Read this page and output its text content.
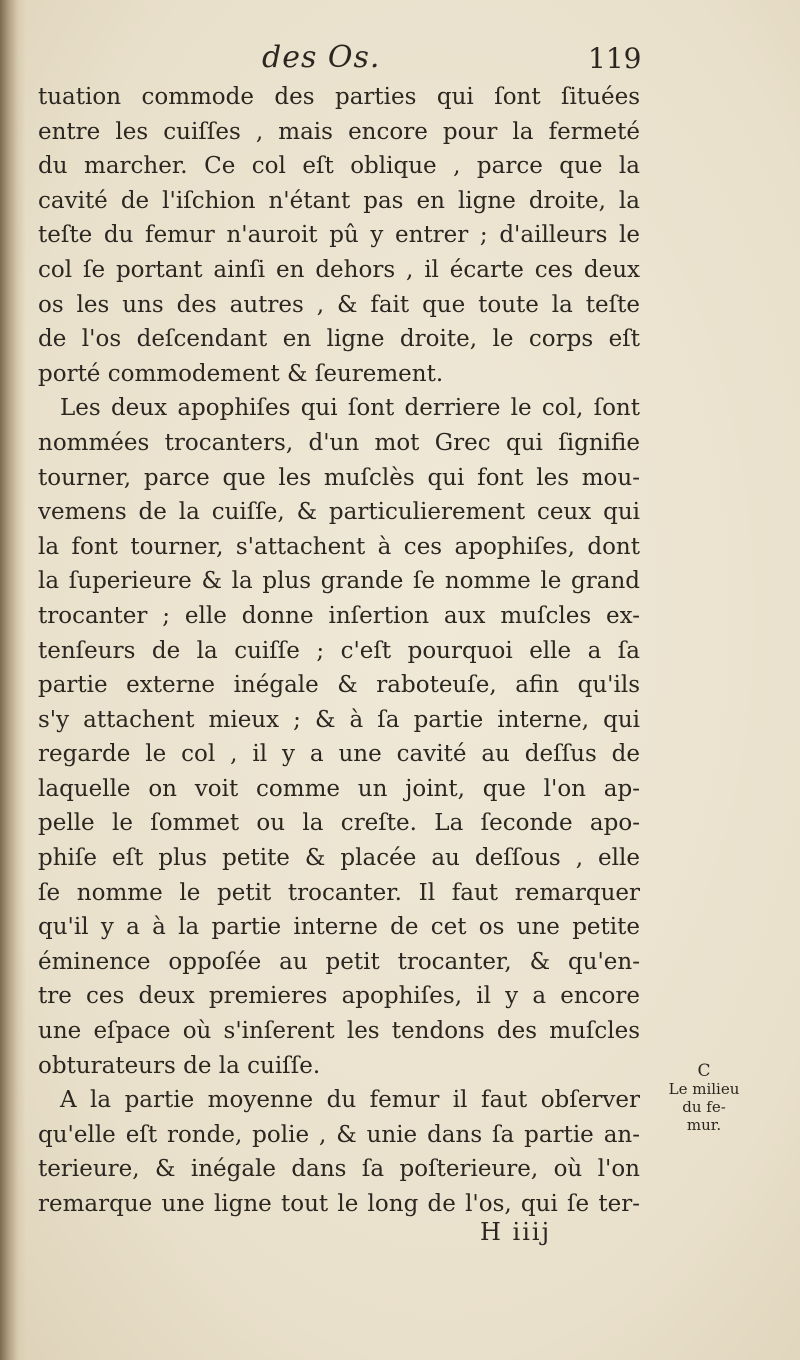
des Os.	119
tuation commode des parties qui ſont ſituées
entre les cuiſſes , mais encore pour la fermeté
du marcher. Ce col eſt oblique , parce que la
cavité de l'iſchion n'étant pas en ligne droite, la
teſte du femur n'auroit pû y entrer ; d'ailleurs le
col ſe portant ainſi en dehors , il écarte ces deux
os les uns des autres , & fait que toute la teſte
de l'os deſcendant en ligne droite, le corps eſt
porté commodement & ſeurement.
Les deux apophiſes qui ſont derriere le col, ſont
nommées trocanters, d'un mot Grec qui ſignifie
tourner, parce que les muſclès qui font les mou-
vemens de la cuiſſe, & particulierement ceux qui
la font tourner, s'attachent à ces apophiſes, dont
la ſuperieure & la plus grande ſe nomme le grand
trocanter ; elle donne inſertion aux muſcles ex-
tenſeurs de la cuiſſe ; c'eſt pourquoi elle a ſa
partie externe inégale & raboteuſe, afin qu'ils
s'y attachent mieux ; & à ſa partie interne, qui
regarde le col , il y a une cavité au deſſus de
laquelle on voit comme un joint, que l'on ap-
pelle le ſommet ou la creſte. La ſeconde apo-
phiſe eſt plus petite & placée au deſſous , elle
ſe nomme le petit trocanter. Il faut remarquer
qu'il y a à la partie interne de cet os une petite
éminence oppoſée au petit trocanter, & qu'en-
tre ces deux premieres apophiſes, il y a encore
une eſpace où s'inſerent les tendons des muſcles
obturateurs de la cuiſſe.
A la partie moyenne du femur il faut obſerver
qu'elle eſt ronde, polie , & unie dans ſa partie an-
terieure, & inégale dans ſa poſterieure, où l'on
remarque une ligne tout le long de l'os, qui ſe ter-
C
Le milieu
du fe-
mur.
H iiij
